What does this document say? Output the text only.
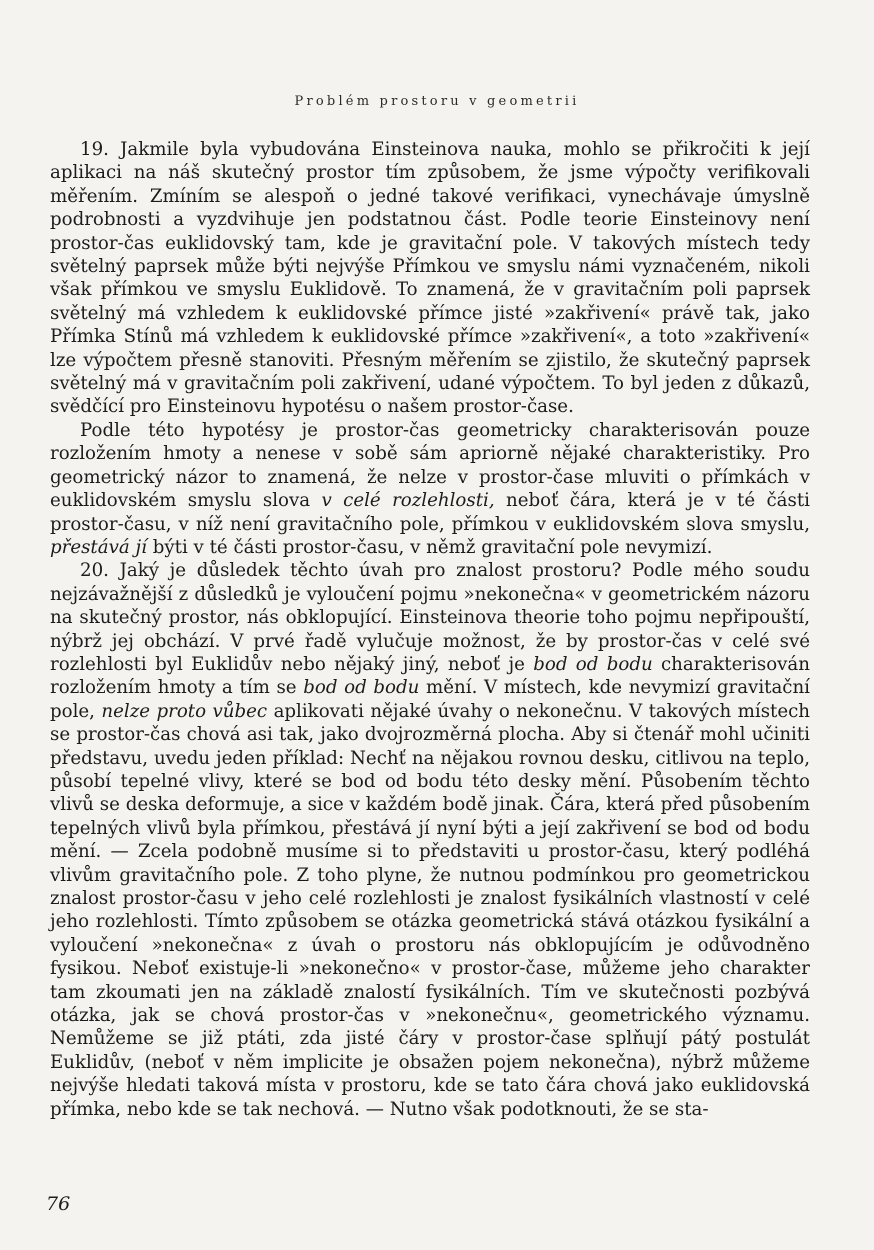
Problém prostoru v geometrii

19. Jakmile byla vybudována Einsteinova nauka, mohlo se přikročiti k její aplikaci na náš skutečný prostor tím způsobem, že jsme výpočty verifikovali měřením. Zmíním se alespoň o jedné takové verifikaci, vynechávaje úmyslně podrobnosti a vyzdvihuje jen podstatnou část. Podle teorie Einsteinovy není prostor-čas euklidovský tam, kde je gravitační pole. V takových místech tedy světelný paprsek může býti nejvýše Přímkou ve smyslu námi vyznačeném, nikoli však přímkou ve smyslu Euklidově. To znamená, že v gravitačním poli paprsek světelný má vzhledem k euklidovské přímce jisté »zakřivení« právě tak, jako Přímka Stínů má vzhledem k euklidovské přímce »zakřivení«, a toto »zakřivení« lze výpočtem přesně stanoviti. Přesným měřením se zjistilo, že skutečný paprsek světelný má v gravitačním poli zakřivení, udané výpočtem. To byl jeden z důkazů, svědčící pro Einsteinovu hypotésu o našem prostor-čase.

Podle této hypotésy je prostor-čas geometricky charakterisován pouze rozložením hmoty a nenese v sobě sám apriorně nějaké charakteristiky. Pro geometrický názor to znamená, že nelze v prostor-čase mluviti o přímkách v euklidovském smyslu slova v celé rozlehlosti, neboť čára, která je v té části prostor-času, v níž není gravitačního pole, přímkou v euklidovském slova smyslu, přestává jí býti v té části prostor-času, v němž gravitační pole nevymizí.

20. Jaký je důsledek těchto úvah pro znalost prostoru? Podle mého soudu nejzávažnější z důsledků je vyloučení pojmu »nekonečna« v geometrickém názoru na skutečný prostor, nás obklopující. Einsteinova theorie toho pojmu nepřipouští, nýbrž jej obchází. V prvé řadě vylučuje možnost, že by prostor-čas v celé své rozlehlosti byl Euklidův nebo nějaký jiný, neboť je bod od bodu charakterisován rozložením hmoty a tím se bod od bodu mění. V místech, kde nevymizí gravitační pole, nelze proto vůbec aplikovati nějaké úvahy o nekonečnu. V takových místech se prostor-čas chová asi tak, jako dvojrozměrná plocha. Aby si čtenář mohl učiniti představu, uvedu jeden příklad: Nechť na nějakou rovnou desku, citlivou na teplo, působí tepelné vlivy, které se bod od bodu této desky mění. Působením těchto vlivů se deska deformuje, a sice v každém bodě jinak. Čára, která před působením tepelných vlivů byla přímkou, přestává jí nyní býti a její zakřivení se bod od bodu mění. — Zcela podobně musíme si to představiti u prostor-času, který podléhá vlivům gravitačního pole. Z toho plyne, že nutnou podmínkou pro geometrickou znalost prostor-času v jeho celé rozlehlosti je znalost fysikálních vlastností v celé jeho rozlehlosti. Tímto způsobem se otázka geometrická stává otázkou fysikální a vyloučení »nekonečna« z úvah o prostoru nás obklopujícím je odůvodněno fysikou. Neboť existuje-li »nekonečno« v prostor-čase, můžeme jeho charakter tam zkoumati jen na základě znalostí fysikálních. Tím ve skutečnosti pozbývá otázka, jak se chová prostor-čas v »nekonečnu«, geometrického významu. Nemůžeme se již ptáti, zda jisté čáry v prostor-čase splňují pátý postulát Euklidův, (neboť v něm implicite je obsažen pojem nekonečna), nýbrž můžeme nejvýše hledati taková místa v prostoru, kde se tato čára chová jako euklidovská přímka, nebo kde se tak nechová. — Nutno však podotknouti, že se sta-

76
